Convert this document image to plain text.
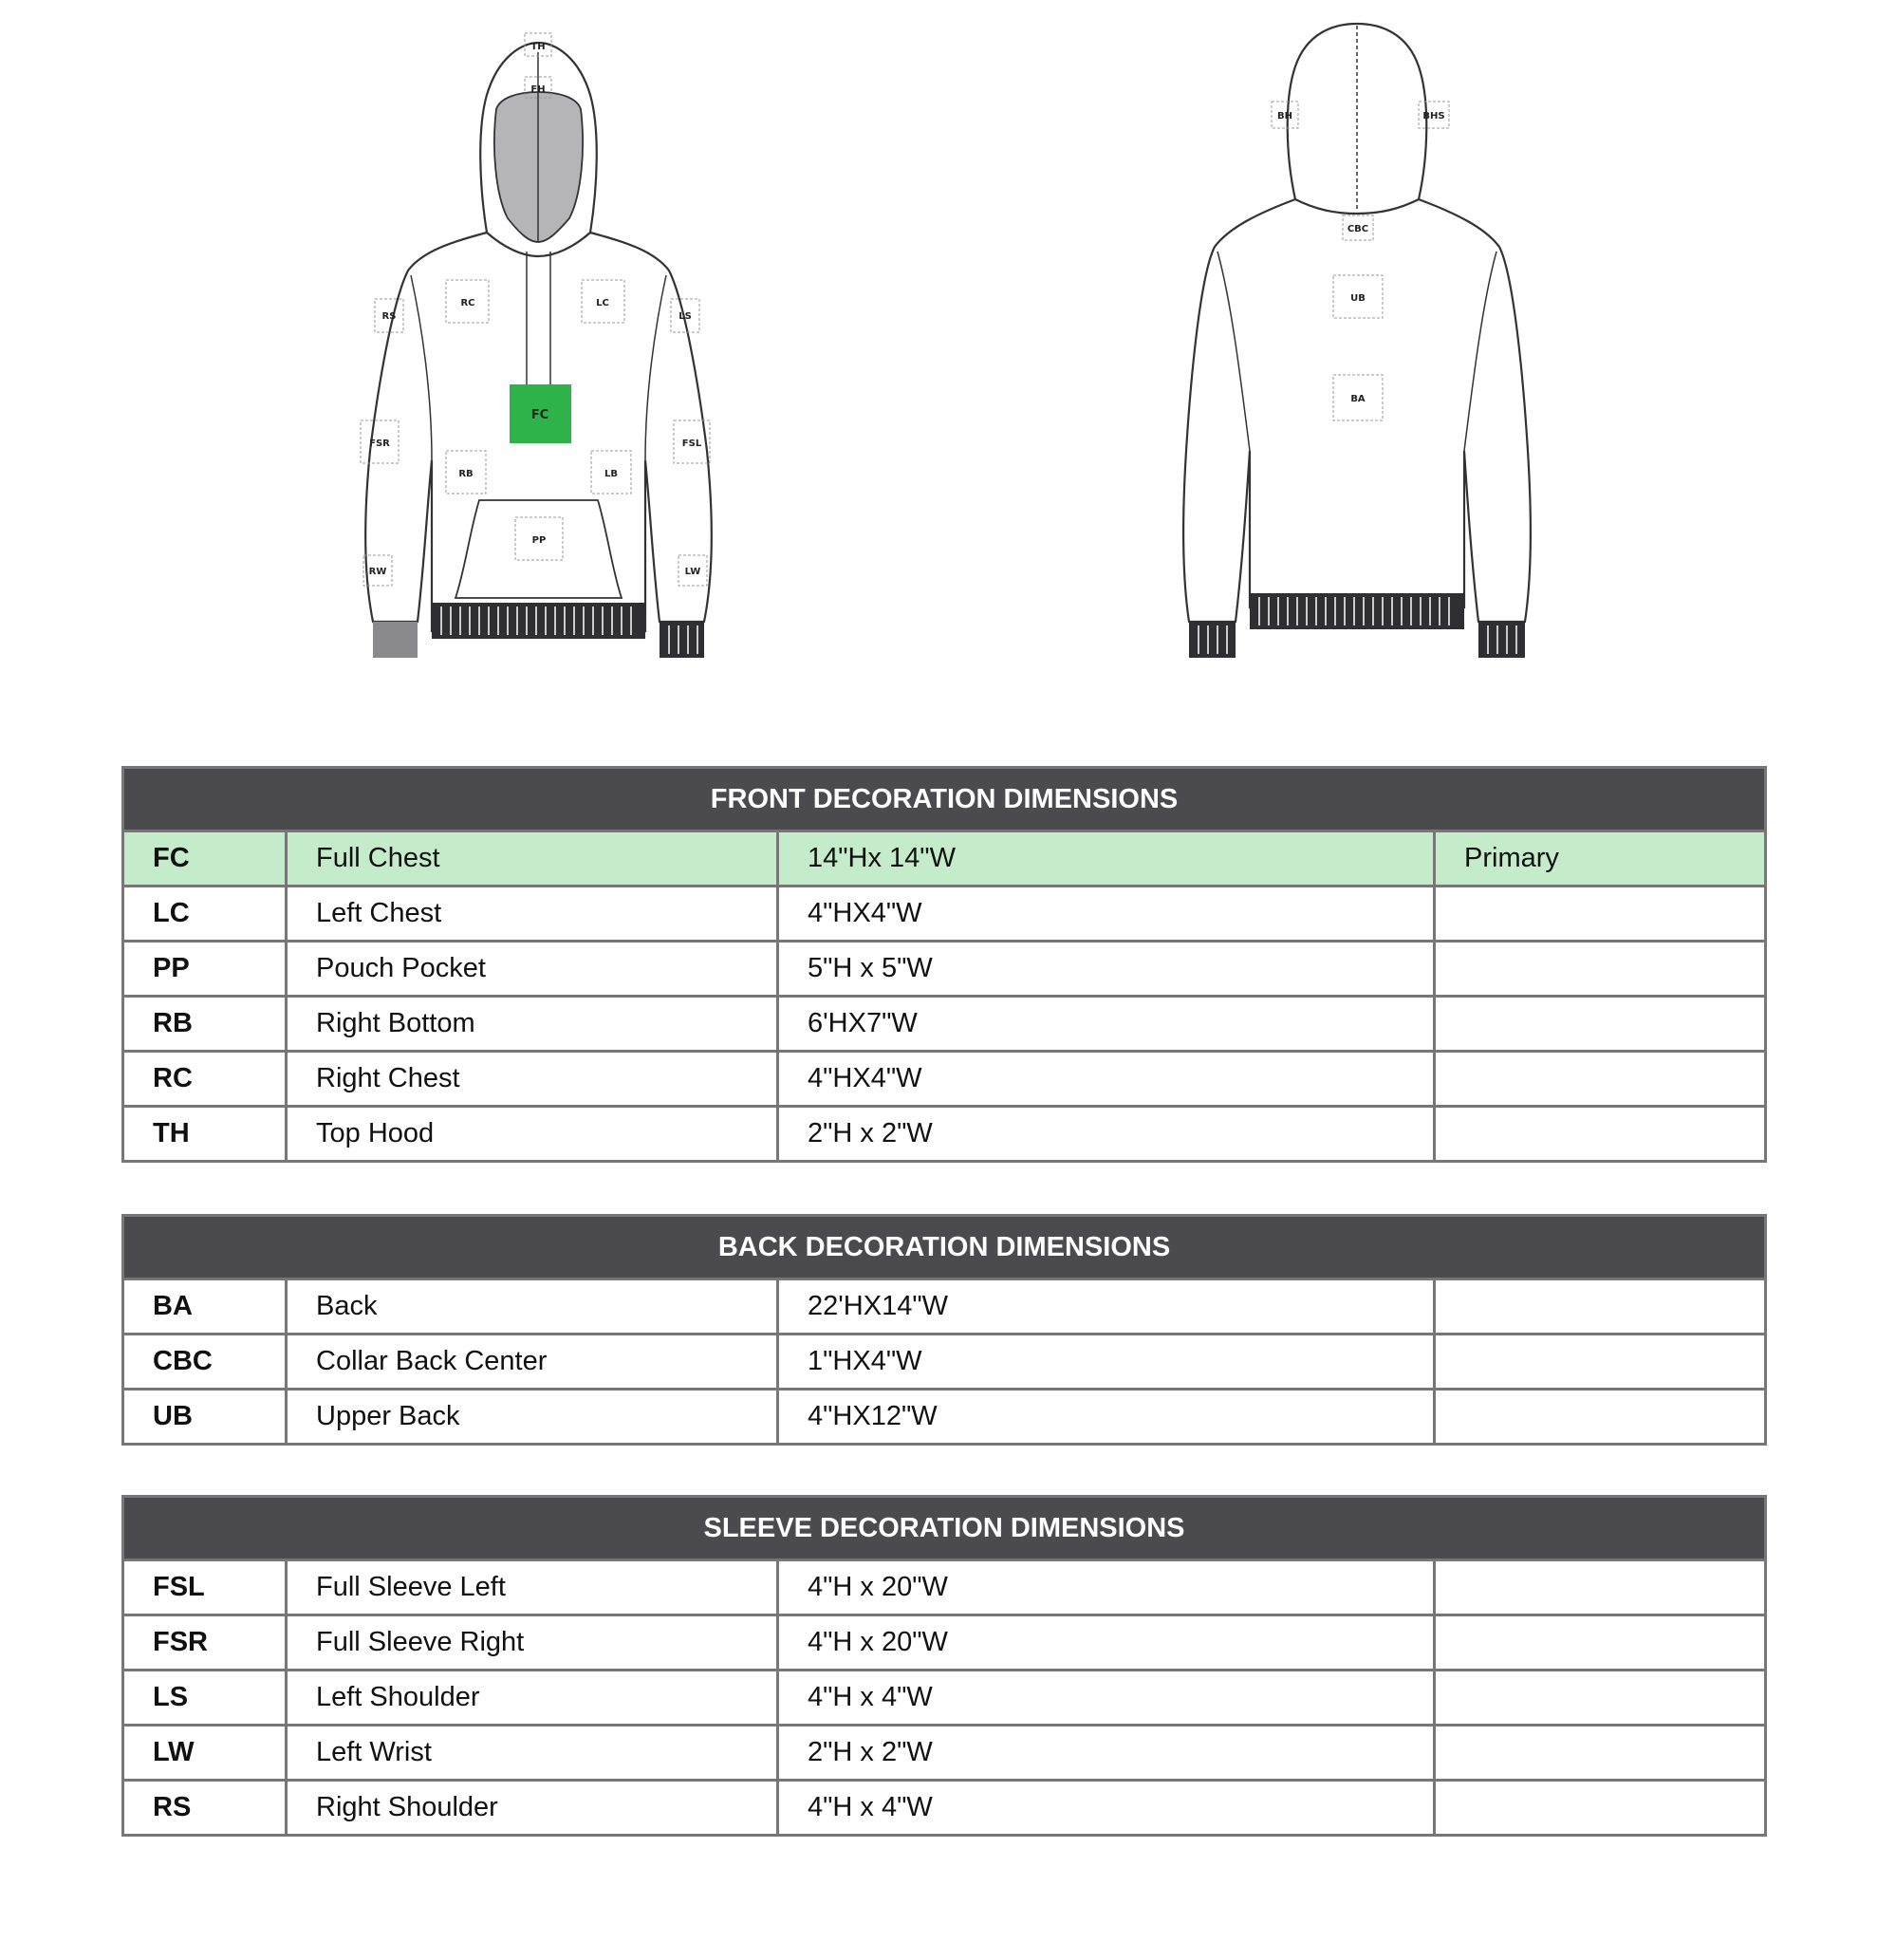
TH
FH
RC	LC
RS	LS
FC
FSR	FSL
RB	LB
PP
RW	LW
BH	BHS
CBC
UB
BA
FRONT DECORATION DIMENSIONS			
FC	Full Chest	14"Hx 14"W	Primary
LC	Left Chest	4"HX4"W	
PP	Pouch Pocket	5"H x 5"W	
RB	Right Bottom	6'HX7"W	
RC	Right Chest	4"HX4"W	
TH	Top Hood	2"H x 2"W	
BACK DECORATION DIMENSIONS			
BA	Back	22'HX14"W	
CBC	Collar Back Center	1"HX4"W	
UB	Upper Back	4"HX12"W	
SLEEVE DECORATION DIMENSIONS			
FSL	Full Sleeve Left	4"H x 20"W	
FSR	Full Sleeve Right	4"H x 20"W	
LS	Left Shoulder	4"H x 4"W	
LW	Left Wrist	2"H x 2"W	
RS	Right Shoulder	4"H x 4"W	
